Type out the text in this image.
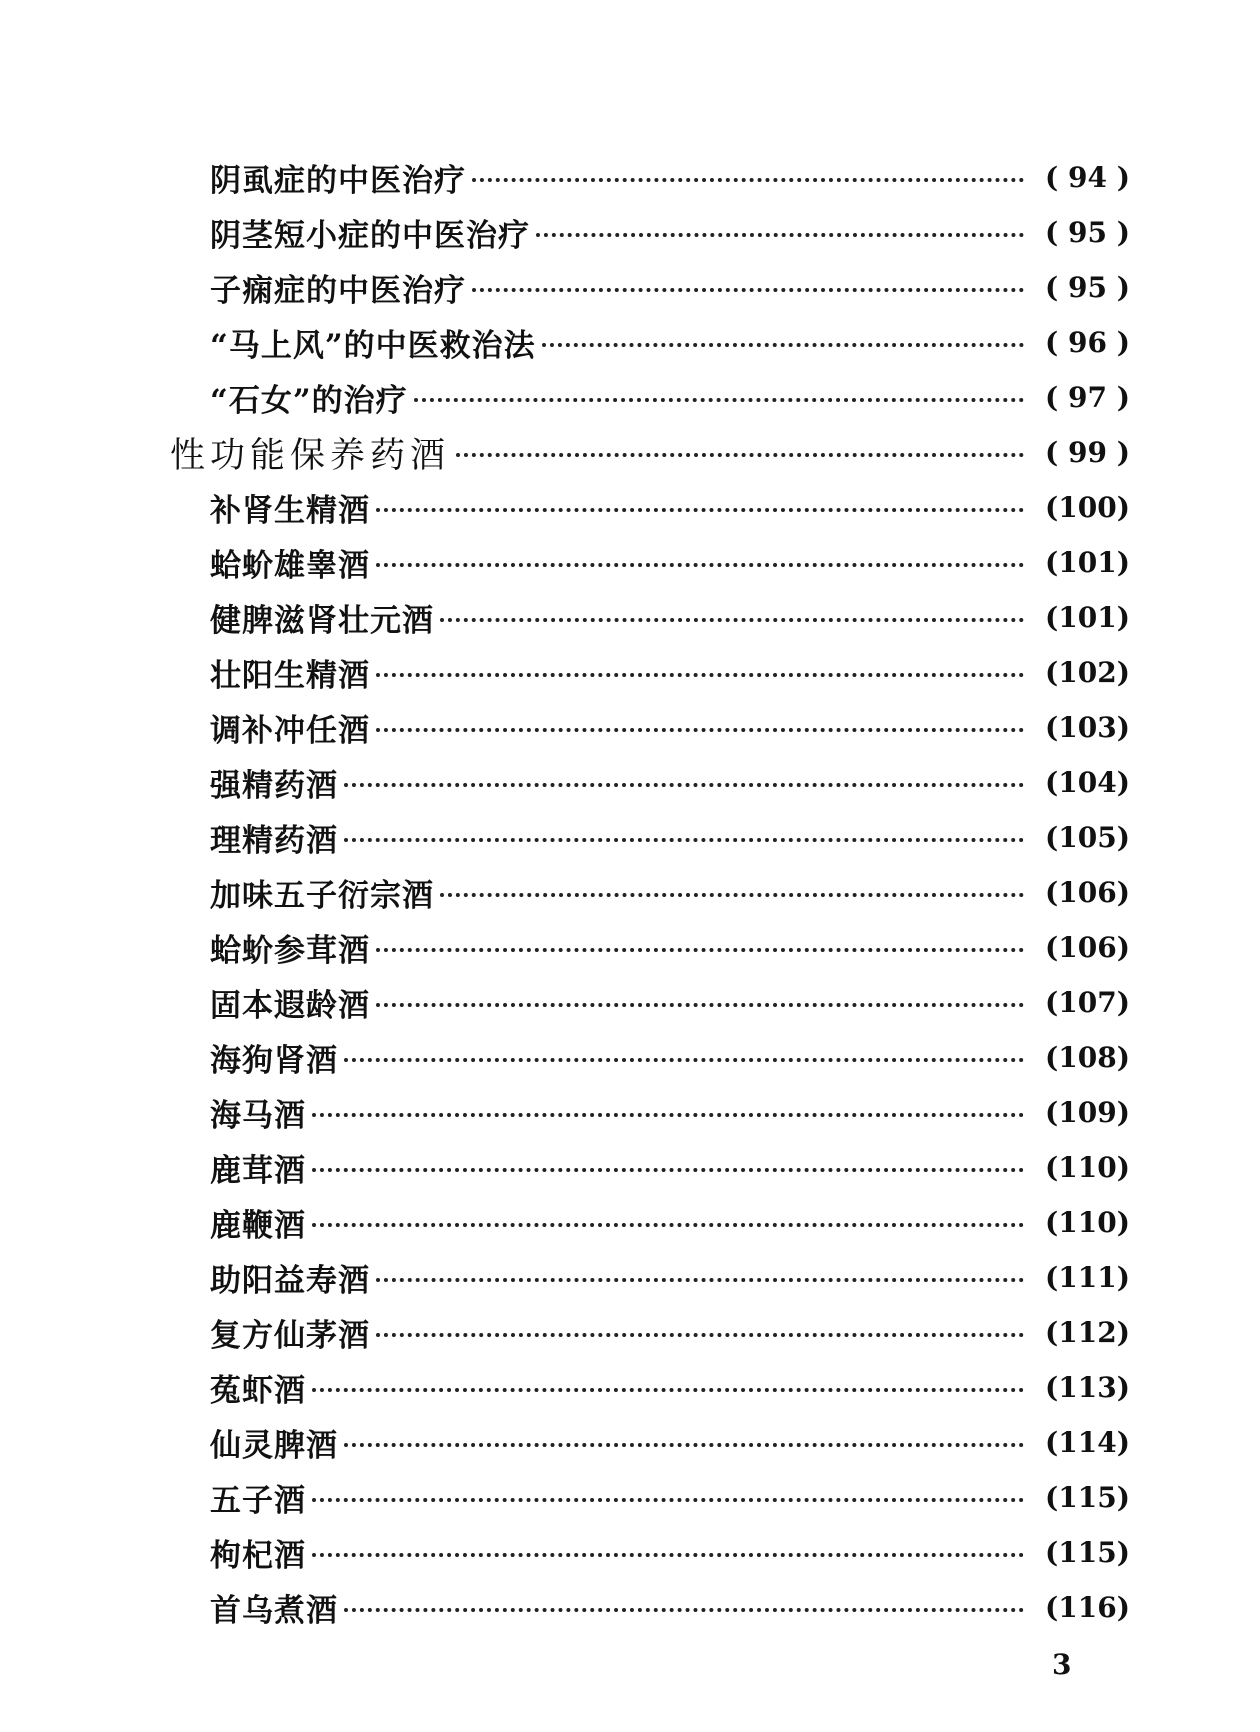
阴虱症的中医治疗	( 94 )
阴茎短小症的中医治疗	( 95 )
子痫症的中医治疗	( 95 )
“马上风”的中医救治法	( 96 )
“石女”的治疗	( 97 )
性功能保养药酒	( 99 )
补肾生精酒	(100)
蛤蚧雄睾酒	(101)
健脾滋肾壮元酒	(101)
壮阳生精酒	(102)
调补冲任酒	(103)
强精药酒	(104)
理精药酒	(105)
加味五子衍宗酒	(106)
蛤蚧参茸酒	(106)
固本遐龄酒	(107)
海狗肾酒	(108)
海马酒	(109)
鹿茸酒	(110)
鹿鞭酒	(110)
助阳益寿酒	(111)
复方仙茅酒	(112)
菟虾酒	(113)
仙灵脾酒	(114)
五子酒	(115)
枸杞酒	(115)
首乌煮酒	(116)
3
